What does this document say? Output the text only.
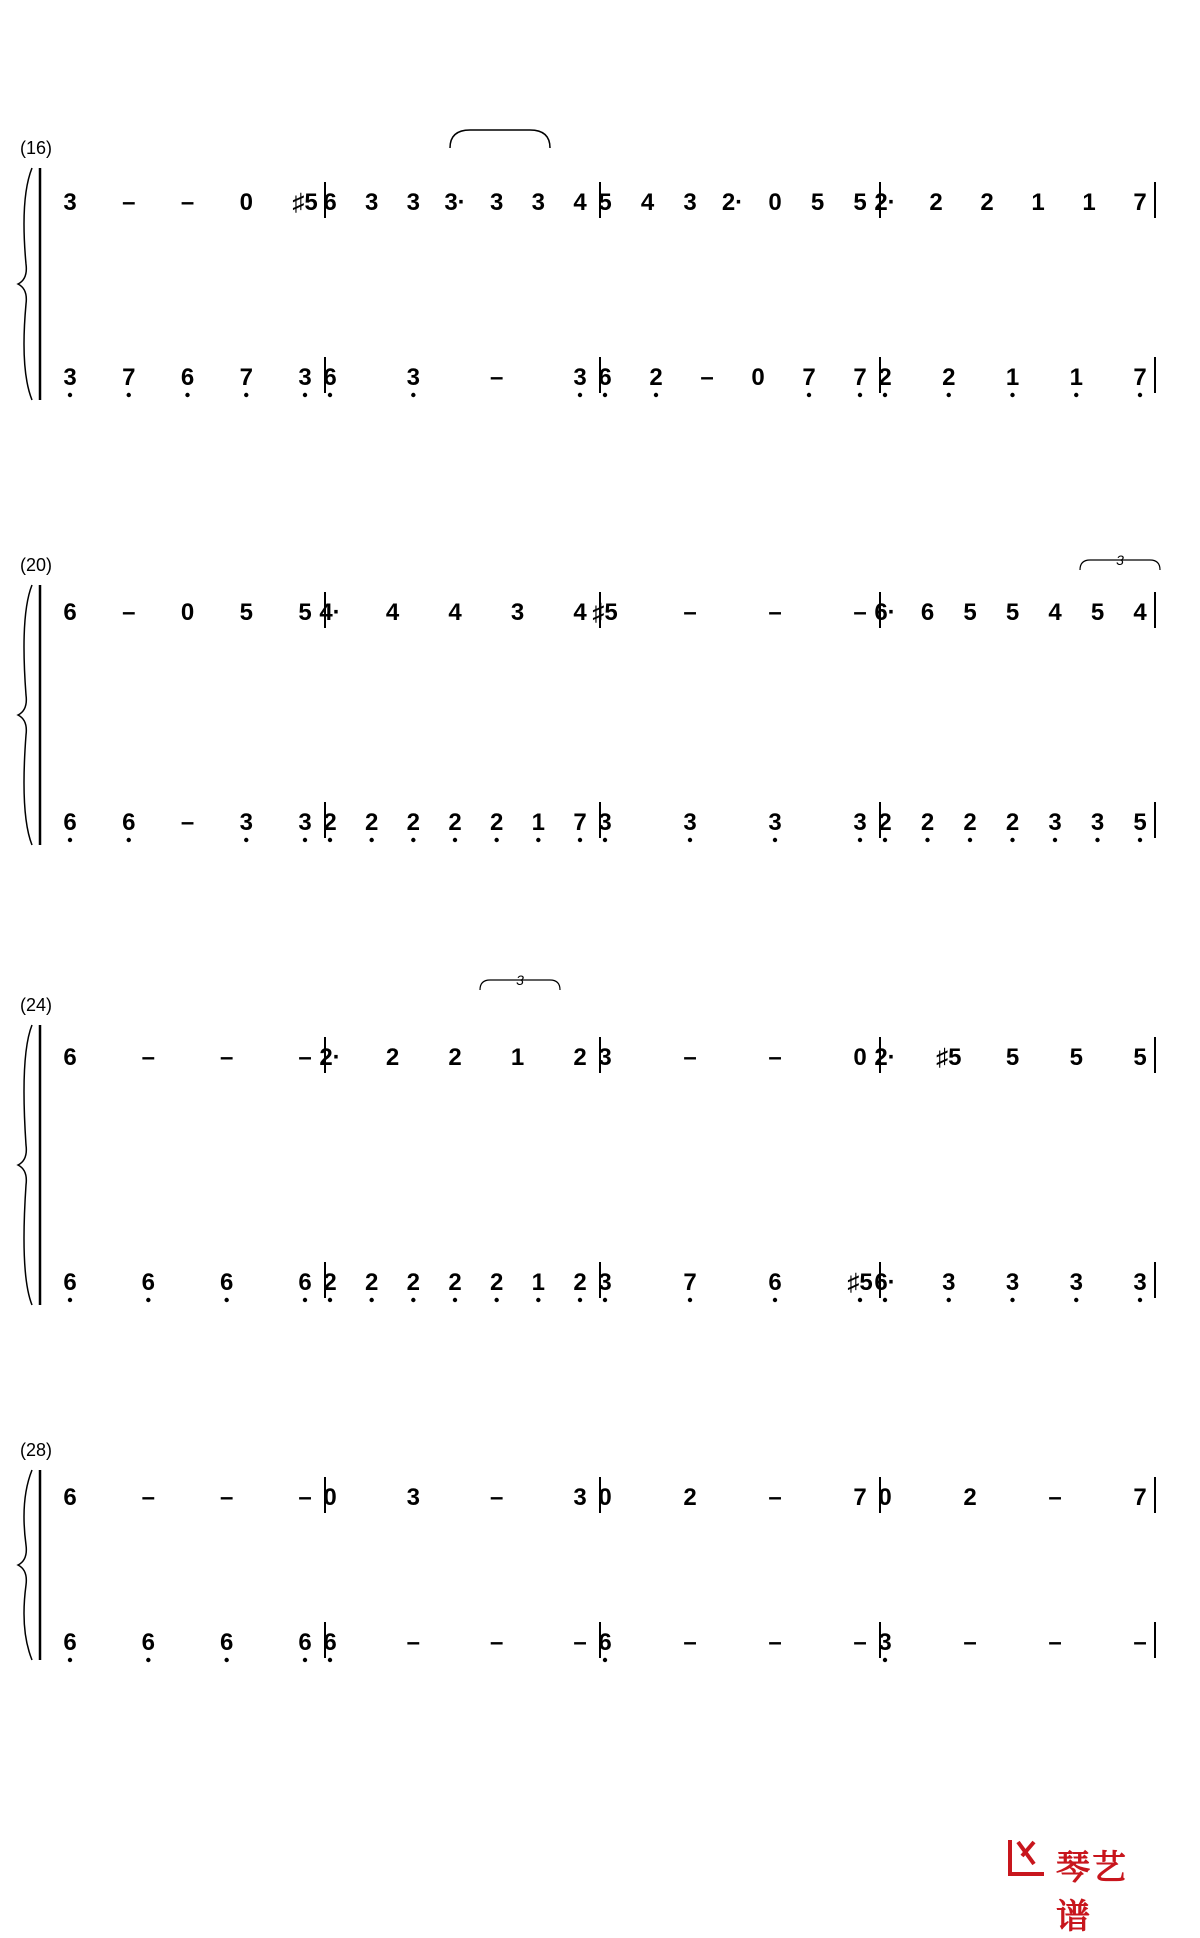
(16)
3 – – 0 ♯5 6 3 3 3· 3 3 4 5 4 3 2· 0 5 5 2· 2 2 1 1 7
3 7 6 7 3 6	3	–	3 6 2 – 0 7 7 2 2 1 1 7
(20)
6 – 0 5 5 4· 4 4 3 4 ♯5	–	–	– 6· 6 5 5 4 5 4
6 6 – 3 3 2 2 2 2 2 1 7 3	3	3	3 2 2 2 2 3 3 5
3
(24)
6	–	–	– 2· 2 2 1 2 3	–	–	0 2· ♯5 5 5 5
6	6	6	6 2 2 2 2 2 1 2 3	7	6	♯5 6· 3 3 3 3
3
(28)
6	–	–	– 0	3	–	3 0	2	–	7 0	2	–	7
6	6	6	6 6	–	–	– 6	–	–	– 3	–	–	–
琴艺谱
